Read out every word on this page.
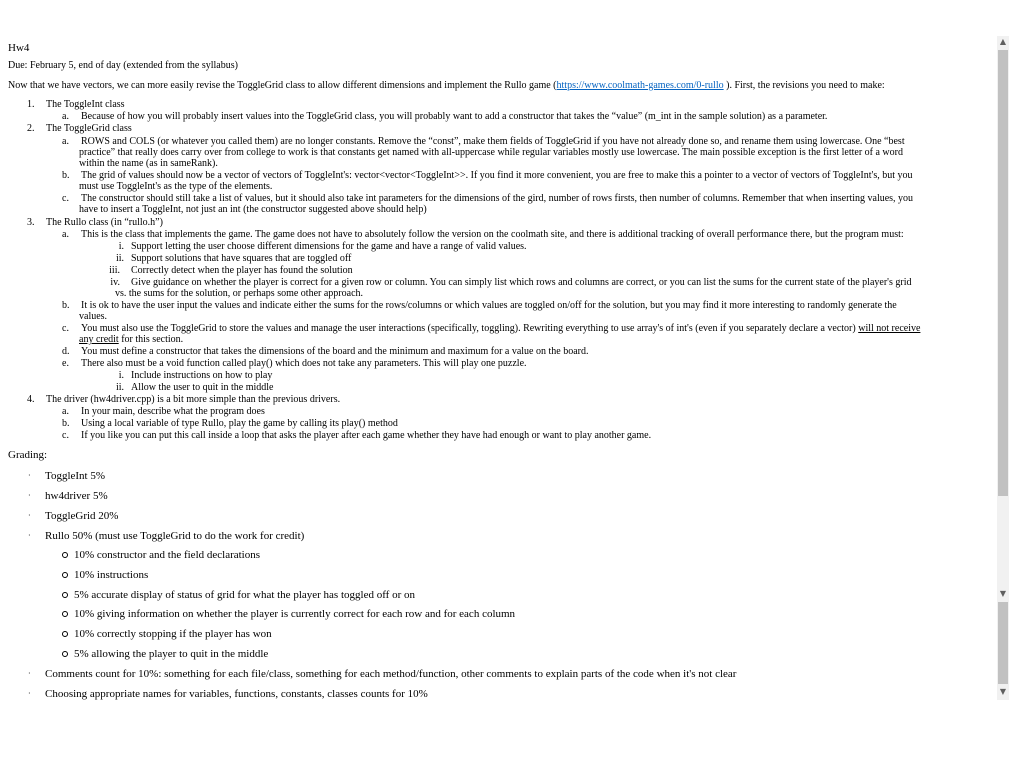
Hw4
Due: February 5, end of day (extended from the syllabus)
Now that we have vectors, we can more easily revise the ToggleGrid class to allow different dimensions and implement the Rullo game (https://www.coolmath-games.com/0-rullo ). First, the revisions you need to make:
1. The ToggleInt class
a. Because of how you will probably insert values into the ToggleGrid class, you will probably want to add a constructor that takes the “value” (m_int in the sample solution) as a parameter.
2. The ToggleGrid class
a. ROWS and COLS (or whatever you called them) are no longer constants. Remove the “const”, make them fields of ToggleGrid if you have not already done so, and rename them using lowercase. One “best
practice” that really does carry over from college to work is that constants get named with all-uppercase while regular variables mostly use lowercase. The main possible exception is the first letter of a word
within the name (as in sameRank).
b. The grid of values should now be a vector of vectors of ToggleInt's: vector<vector<ToggleInt>>. If you find it more convenient, you are free to make this a pointer to a vector of vectors of ToggleInt's, but you
must use ToggleInt's as the type of the elements.
c. The constructor should still take a list of values, but it should also take int parameters for the dimensions of the gird, number of rows firsts, then number of columns. Remember that when inserting values, you
have to insert a ToggleInt, not just an int (the constructor suggested above should help)
3. The Rullo class (in “rullo.h”)
a. This is the class that implements the game. The game does not have to absolutely follow the version on the coolmath site, and there is additional tracking of overall performance there, but the program must:
i. Support letting the user choose different dimensions for the game and have a range of valid values.
ii. Support solutions that have squares that are toggled off
iii. Correctly detect when the player has found the solution
iv. Give guidance on whether the player is correct for a given row or column. You can simply list which rows and columns are correct, or you can list the sums for the current state of the player's grid
vs. the sums for the solution, or perhaps some other approach.
b. It is ok to have the user input the values and indicate either the sums for the rows/columns or which values are toggled on/off for the solution, but you may find it more interesting to randomly generate the
values.
c. You must also use the ToggleGrid to store the values and manage the user interactions (specifically, toggling). Rewriting everything to use array's of int's (even if you separately declare a vector) will not receive
any credit for this section.
d. You must define a constructor that takes the dimensions of the board and the minimum and maximum for a value on the board.
e. There also must be a void function called play() which does not take any parameters. This will play one puzzle.
i. Include instructions on how to play
ii. Allow the user to quit in the middle
4. The driver (hw4driver.cpp) is a bit more simple than the previous drivers.
a. In your main, describe what the program does
b. Using a local variable of type Rullo, play the game by calling its play() method
c. If you like you can put this call inside a loop that asks the player after each game whether they have had enough or want to play another game.
Grading:
· ToggleInt 5%
· hw4driver 5%
· ToggleGrid 20%
· Rullo 50% (must use ToggleGrid to do the work for credit)
10% constructor and the field declarations
10% instructions
5% accurate display of status of grid for what the player has toggled off or on
10% giving information on whether the player is currently correct for each row and for each column
10% correctly stopping if the player has won
5% allowing the player to quit in the middle
· Comments count for 10%: something for each file/class, something for each method/function, other comments to explain parts of the code when it's not clear
· Choosing appropriate names for variables, functions, constants, classes counts for 10%
▲
▼
▼
